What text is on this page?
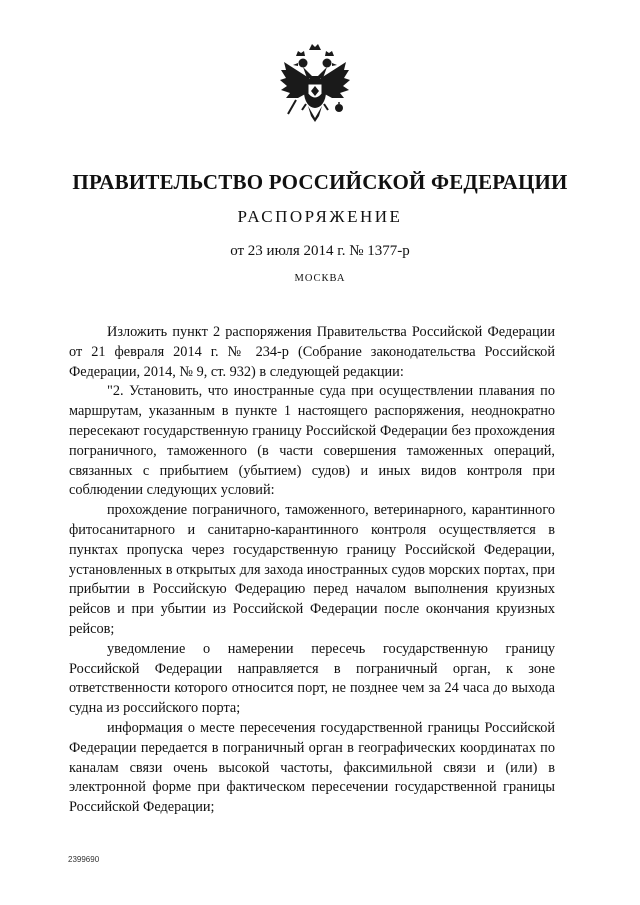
ПРАВИТЕЛЬСТВО РОССИЙСКОЙ ФЕДЕРАЦИИ
РАСПОРЯЖЕНИЕ
от 23 июля 2014 г. № 1377-р
МОСКВА

Изложить пункт 2 распоряжения Правительства Российской Федерации от 21 февраля 2014 г. № 234-р (Собрание законодательства Российской Федерации, 2014, № 9, ст. 932) в следующей редакции:

"2. Установить, что иностранные суда при осуществлении плавания по маршрутам, указанным в пункте 1 настоящего распоряжения, неоднократно пересекают государственную границу Российской Федерации без прохождения пограничного, таможенного (в части совершения таможенных операций, связанных с прибытием (убытием) судов) и иных видов контроля при соблюдении следующих условий:

прохождение пограничного, таможенного, ветеринарного, карантинного фитосанитарного и санитарно-карантинного контроля осуществляется в пунктах пропуска через государственную границу Российской Федерации, установленных в открытых для захода иностранных судов морских портах, при прибытии в Российскую Федерацию перед началом выполнения круизных рейсов и при убытии из Российской Федерации после окончания круизных рейсов;

уведомление о намерении пересечь государственную границу Российской Федерации направляется в пограничный орган, к зоне ответственности которого относится порт, не позднее чем за 24 часа до выхода судна из российского порта;

информация о месте пересечения государственной границы Российской Федерации передается в пограничный орган в географических координатах по каналам связи очень высокой частоты, факсимильной связи и (или) в электронной форме при фактическом пересечении государственной границы Российской Федерации;

2399690
